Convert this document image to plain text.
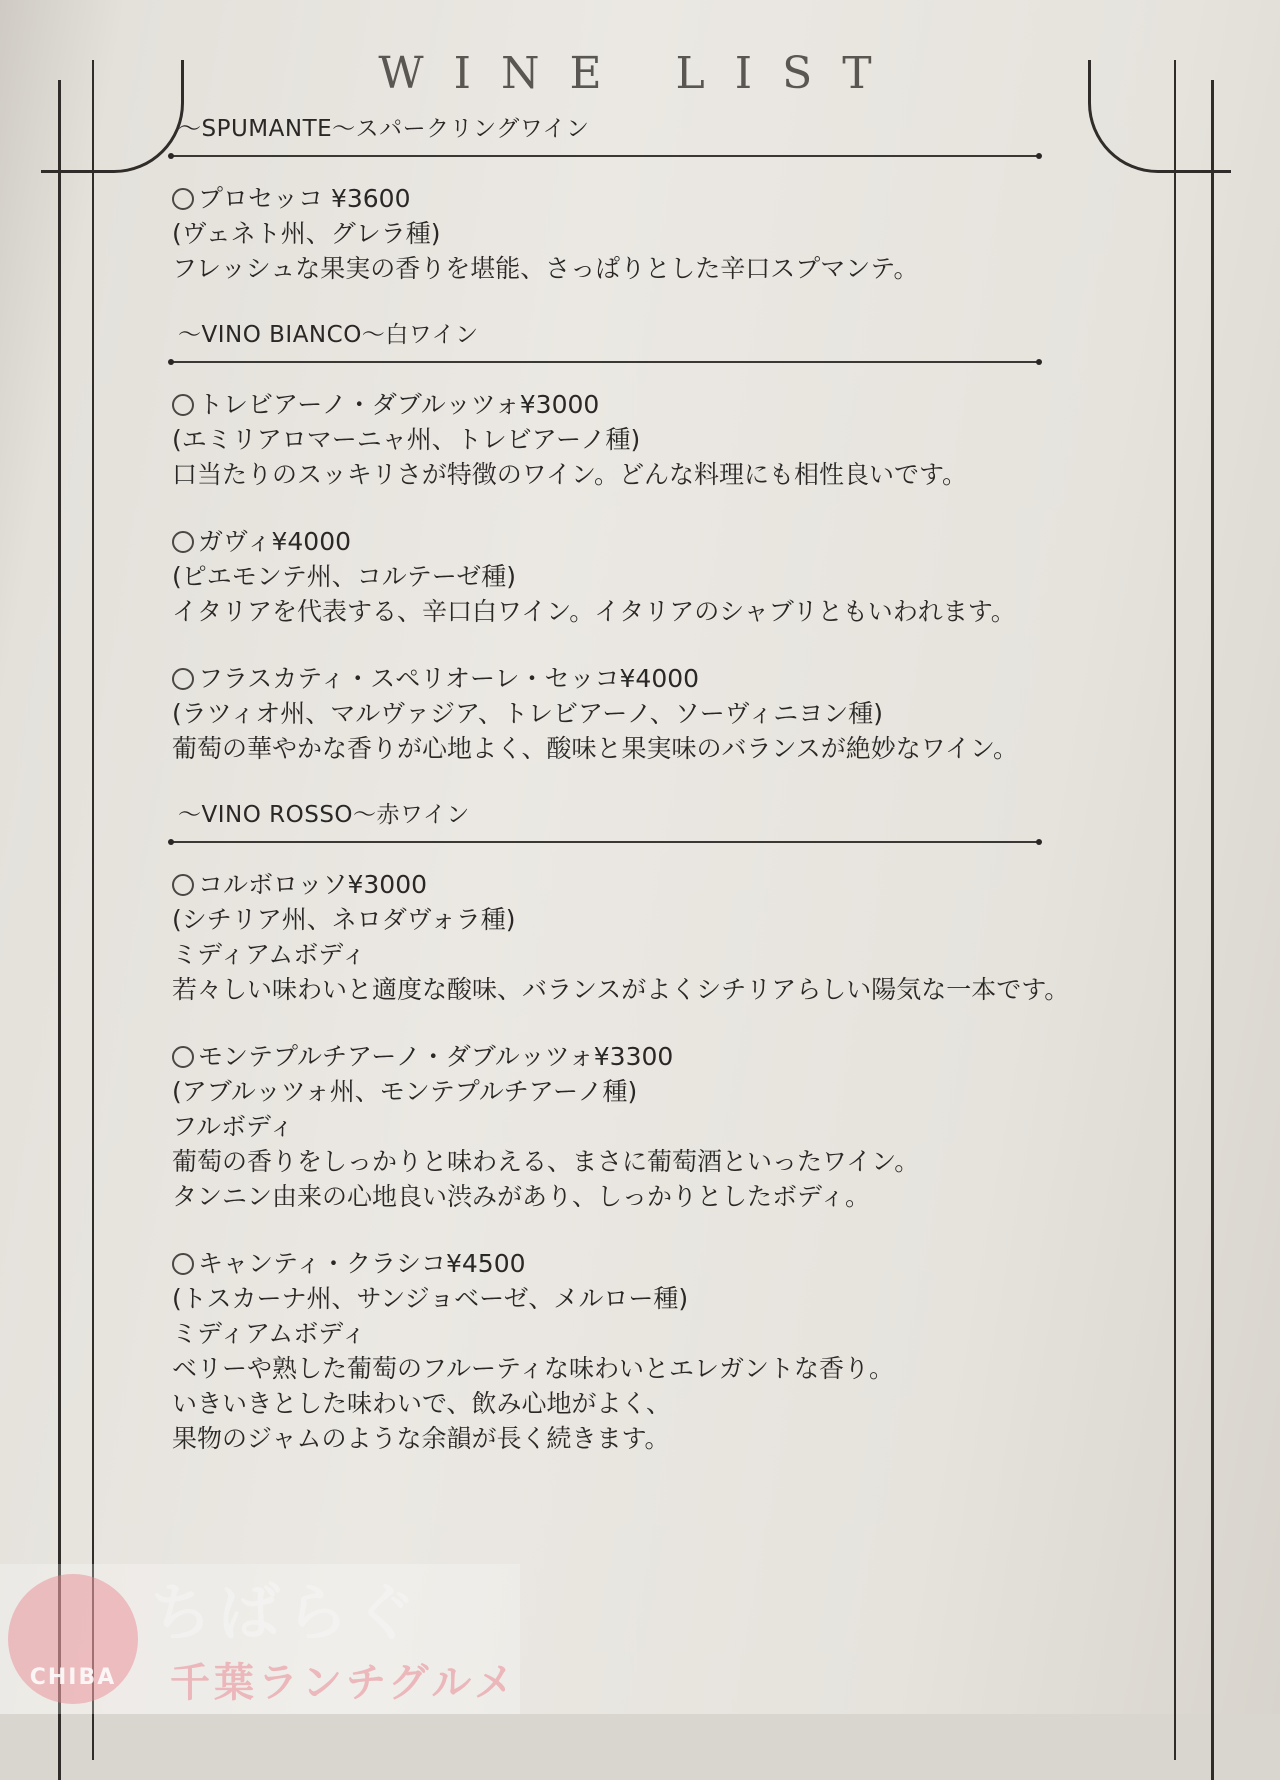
WINE LIST
～SPUMANTE～スパークリングワイン
プロセッコ ¥3600
(ヴェネト州、グレラ種)
フレッシュな果実の香りを堪能、さっぱりとした辛口スプマンテ。
～VINO BIANCO～白ワイン
トレビアーノ・ダブルッツォ¥3000
(エミリアロマーニャ州、トレビアーノ種)
口当たりのスッキリさが特徴のワイン。どんな料理にも相性良いです。
ガヴィ¥4000
(ピエモンテ州、コルテーゼ種)
イタリアを代表する、辛口白ワイン。イタリアのシャブリともいわれます。
フラスカティ・スペリオーレ・セッコ¥4000
(ラツィオ州、マルヴァジア、トレビアーノ、ソーヴィニヨン種)
葡萄の華やかな香りが心地よく、酸味と果実味のバランスが絶妙なワイン。
～VINO ROSSO～赤ワイン
コルボロッソ¥3000
(シチリア州、ネロダヴォラ種)
ミディアムボディ
若々しい味わいと適度な酸味、バランスがよくシチリアらしい陽気な一本です。
モンテプルチアーノ・ダブルッツォ¥3300
(アブルッツォ州、モンテプルチアーノ種)
フルボディ
葡萄の香りをしっかりと味わえる、まさに葡萄酒といったワイン。
タンニン由来の心地良い渋みがあり、しっかりとしたボディ。
キャンティ・クラシコ¥4500
(トスカーナ州、サンジョベーゼ、メルロー種)
ミディアムボディ
ベリーや熟した葡萄のフルーティな味わいとエレガントな香り。
いきいきとした味わいで、飲み心地がよく、
果物のジャムのような余韻が長く続きます。
CHIBA
ちばらぐ
千葉ランチグルメ
